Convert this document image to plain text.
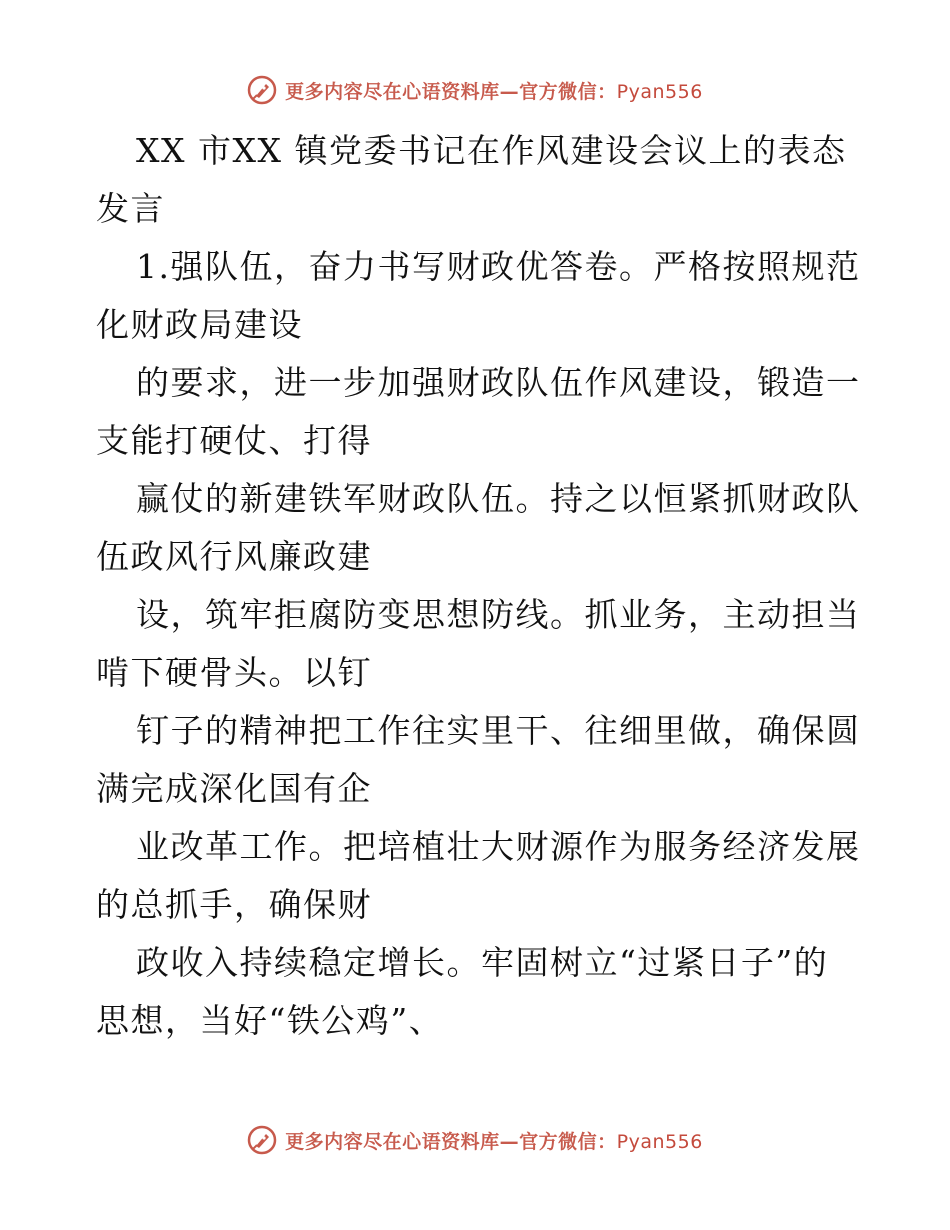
更多内容尽在心语资料库—官方微信：Pyan556
XX 市XX 镇党委书记在作风建设会议上的表态
发言
1.强队伍，奋力书写财政优答卷。严格按照规范
化财政局建设
的要求，进一步加强财政队伍作风建设，锻造一
支能打硬仗、打得
赢仗的新建铁军财政队伍。持之以恒紧抓财政队
伍政风行风廉政建
设，筑牢拒腐防变思想防线。抓业务，主动担当
啃下硬骨头。以钉
钉子的精神把工作往实里干、往细里做，确保圆
满完成深化国有企
业改革工作。把培植壮大财源作为服务经济发展
的总抓手，确保财
政收入持续稳定增长。牢固树立“过紧日子”的
思想，当好“铁公鸡”、
更多内容尽在心语资料库—官方微信：Pyan556
